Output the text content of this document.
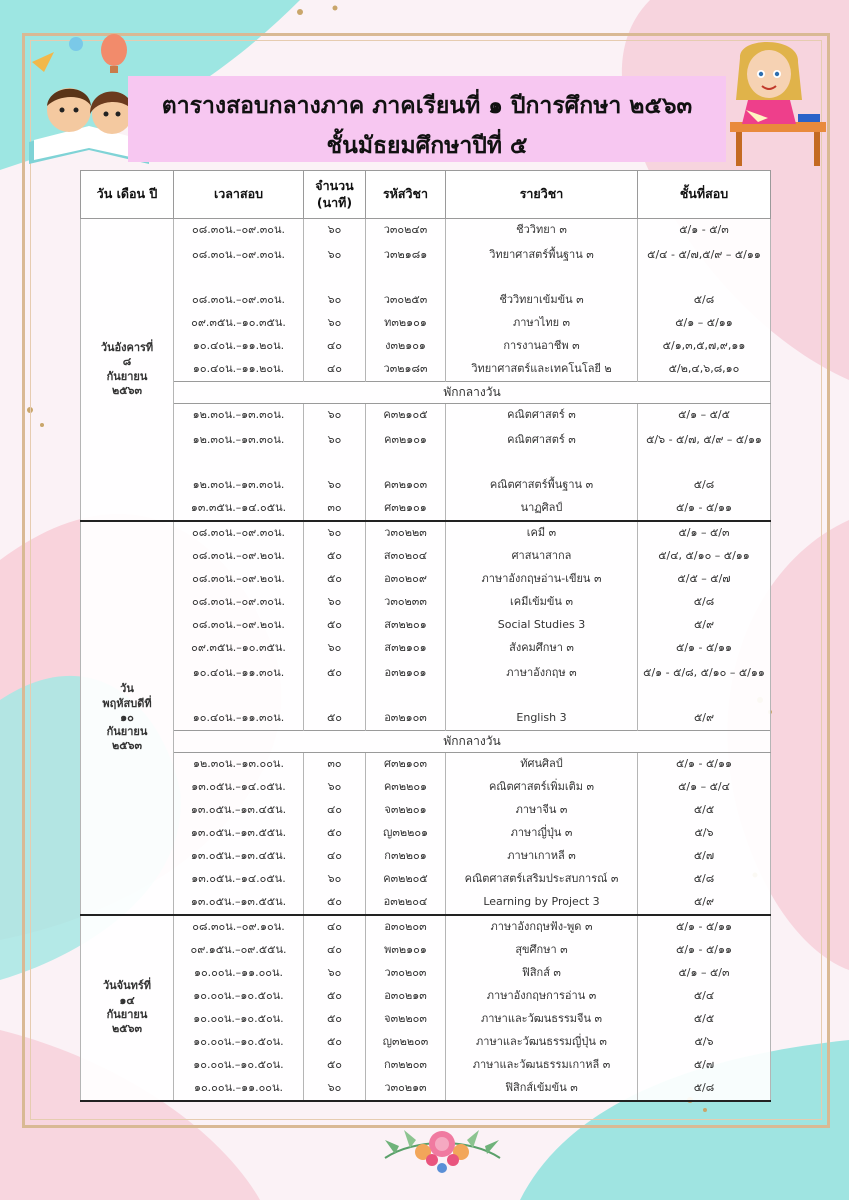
ตารางสอบกลางภาค ภาคเรียนที่ ๑ ปีการศึกษา ๒๕๖๓
ชั้นมัธยมศึกษาปีที่ ๕
วัน เดือน ปี	เวลาสอบ	จำนวน
(นาที)	รหัสวิชา	รายวิชา	ชั้นที่สอบ

วันอังคารที่
๘
กันยายน
๒๕๖๓	๐๘.๓๐น.–๐๙.๓๐น.	๖๐	ว๓๐๒๔๓	ชีววิทยา ๓	๕/๑ - ๕/๓
	๐๘.๓๐น.–๐๙.๓๐น.	๖๐	ว๓๒๑๘๑	วิทยาศาสตร์พื้นฐาน ๓	๕/๔ - ๕/๗,๕/๙ – ๕/๑๑
	๐๘.๓๐น.–๐๙.๓๐น.	๖๐	ว๓๐๒๕๓	ชีววิทยาเข้มข้น ๓	๕/๘
	๐๙.๓๕น.–๑๐.๓๕น.	๖๐	ท๓๒๑๐๑	ภาษาไทย ๓	๕/๑ – ๕/๑๑
	๑๐.๔๐น.–๑๑.๒๐น.	๔๐	ง๓๒๑๐๑	การงานอาชีพ ๓	๕/๑,๓,๕,๗,๙,๑๑
	๑๐.๔๐น.–๑๑.๒๐น.	๔๐	ว๓๒๑๘๓	วิทยาศาสตร์และเทคโนโลยี ๒	๕/๒,๔,๖,๘,๑๐
	พักกลางวัน				
	๑๒.๓๐น.–๑๓.๓๐น.	๖๐	ค๓๒๑๐๕	คณิตศาสตร์ ๓	๕/๑ – ๕/๕
	๑๒.๓๐น.–๑๓.๓๐น.	๖๐	ค๓๒๑๐๑	คณิตศาสตร์ ๓	๕/๖ - ๕/๗, ๕/๙ – ๕/๑๑
	๑๒.๓๐น.–๑๓.๓๐น.	๖๐	ค๓๒๑๐๓	คณิตศาสตร์พื้นฐาน ๓	๕/๘
	๑๓.๓๕น.–๑๔.๐๕น.	๓๐	ศ๓๒๑๐๑	นาฏศิลป์	๕/๑ - ๕/๑๑

วัน
พฤหัสบดีที่
๑๐
กันยายน
๒๕๖๓	๐๘.๓๐น.–๐๙.๓๐น.	๖๐	ว๓๐๒๒๓	เคมี ๓	๕/๑ – ๕/๓
	๐๘.๓๐น.–๐๙.๒๐น.	๕๐	ส๓๐๒๐๔	ศาสนาสากล	๕/๔, ๕/๑๐ – ๕/๑๑
	๐๘.๓๐น.–๐๙.๒๐น.	๕๐	อ๓๐๒๐๙	ภาษาอังกฤษอ่าน-เขียน ๓	๕/๕ – ๕/๗
	๐๘.๓๐น.–๐๙.๓๐น.	๖๐	ว๓๐๒๓๓	เคมีเข้มข้น ๓	๕/๘
	๐๘.๓๐น.–๐๙.๒๐น.	๕๐	ส๓๒๒๐๑	Social Studies 3	๕/๙
	๐๙.๓๕น.–๑๐.๓๕น.	๖๐	ส๓๒๑๐๑	สังคมศึกษา ๓	๕/๑ - ๕/๑๑
	๑๐.๔๐น.–๑๑.๓๐น.	๕๐	อ๓๒๑๐๑	ภาษาอังกฤษ ๓	๕/๑ - ๕/๘, ๕/๑๐ – ๕/๑๑
	๑๐.๔๐น.–๑๑.๓๐น.	๕๐	อ๓๒๑๐๓	English 3	๕/๙
	พักกลางวัน				
	๑๒.๓๐น.–๑๓.๐๐น.	๓๐	ศ๓๒๑๐๓	ทัศนศิลป์	๕/๑ - ๕/๑๑
	๑๓.๐๕น.–๑๔.๐๕น.	๖๐	ค๓๒๒๐๑	คณิตศาสตร์เพิ่มเติม ๓	๕/๑ – ๕/๔
	๑๓.๐๕น.–๑๓.๔๕น.	๔๐	จ๓๒๒๐๑	ภาษาจีน ๓	๕/๕
	๑๓.๐๕น.–๑๓.๕๕น.	๕๐	ญ๓๒๒๐๑	ภาษาญี่ปุ่น ๓	๕/๖
	๑๓.๐๕น.–๑๓.๔๕น.	๔๐	ก๓๒๒๐๑	ภาษาเกาหลี ๓	๕/๗
	๑๓.๐๕น.–๑๔.๐๕น.	๖๐	ค๓๒๒๐๕	คณิตศาสตร์เสริมประสบการณ์ ๓	๕/๘
	๑๓.๐๕น.–๑๓.๕๕น.	๕๐	อ๓๒๒๐๔	Learning by Project 3	๕/๙

วันจันทร์ที่
๑๔
กันยายน
๒๕๖๓	๐๘.๓๐น.–๐๙.๑๐น.	๔๐	อ๓๐๒๐๓	ภาษาอังกฤษฟัง-พูด ๓	๕/๑ - ๕/๑๑
	๐๙.๑๕น.–๐๙.๕๕น.	๔๐	พ๓๒๑๐๑	สุขศึกษา ๓	๕/๑ - ๕/๑๑
	๑๐.๐๐น.–๑๑.๐๐น.	๖๐	ว๓๐๒๐๓	ฟิสิกส์ ๓	๕/๑ – ๕/๓
	๑๐.๐๐น.–๑๐.๕๐น.	๕๐	อ๓๐๒๑๓	ภาษาอังกฤษการอ่าน ๓	๕/๔
	๑๐.๐๐น.–๑๐.๕๐น.	๕๐	จ๓๒๒๐๓	ภาษาและวัฒนธรรมจีน ๓	๕/๕
	๑๐.๐๐น.–๑๐.๕๐น.	๕๐	ญ๓๒๒๐๓	ภาษาและวัฒนธรรมญี่ปุ่น ๓	๕/๖
	๑๐.๐๐น.–๑๐.๕๐น.	๕๐	ก๓๒๒๐๓	ภาษาและวัฒนธรรมเกาหลี ๓	๕/๗
	๑๐.๐๐น.–๑๑.๐๐น.	๖๐	ว๓๐๒๑๓	ฟิสิกส์เข้มข้น ๓	๕/๘
